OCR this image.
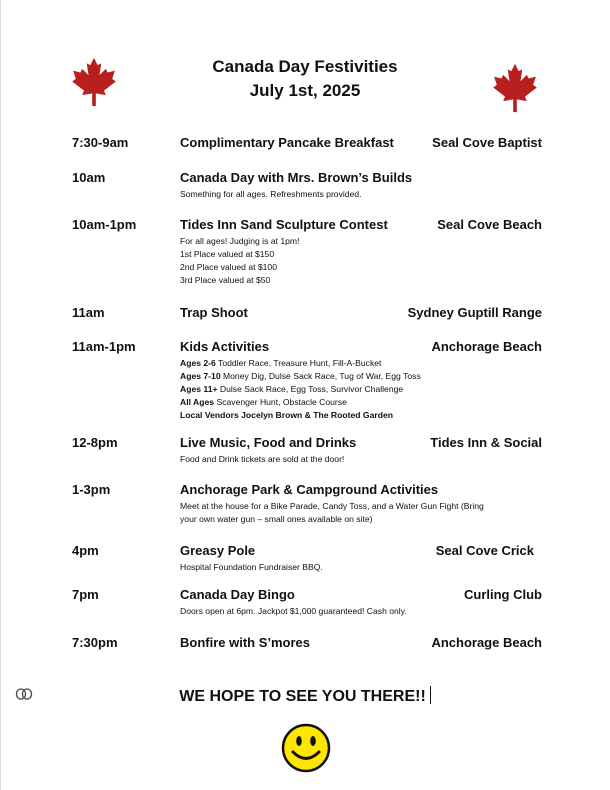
Canada Day Festivities
July 1st, 2025
7:30-9am	Complimentary Pancake Breakfast	Seal Cove Baptist
10am	Canada Day with Mrs. Brown’s Builds
Something for all ages. Refreshments provided.
10am-1pm	Tides Inn Sand Sculpture Contest	Seal Cove Beach
For all ages! Judging is at 1pm!
1st Place valued at $150
2nd Place valued at $100
3rd Place valued at $50
11am	Trap Shoot	Sydney Guptill Range
11am-1pm	Kids Activities	Anchorage Beach
Ages 2-6 Toddler Race, Treasure Hunt, Fill-A-Bucket
Ages 7-10 Money Dig, Dulse Sack Race, Tug of War, Egg Toss
Ages 11+ Dulse Sack Race, Egg Toss, Survivor Challenge
All Ages Scavenger Hunt, Obstacle Course
Local Vendors Jocelyn Brown & The Rooted Garden
12-8pm	Live Music, Food and Drinks	Tides Inn & Social
Food and Drink tickets are sold at the door!
1-3pm	Anchorage Park & Campground Activities
Meet at the house for a Bike Parade, Candy Toss, and a Water Gun Fight (Bring
your own water gun – small ones available on site)
4pm	Greasy Pole	Seal Cove Crick
Hospital Foundation Fundraiser BBQ.
7pm	Canada Day Bingo	Curling Club
Doors open at 6pm. Jackpot $1,000 guaranteed! Cash only.
7:30pm	Bonfire with S’mores	Anchorage Beach
WE HOPE TO SEE YOU THERE!!
